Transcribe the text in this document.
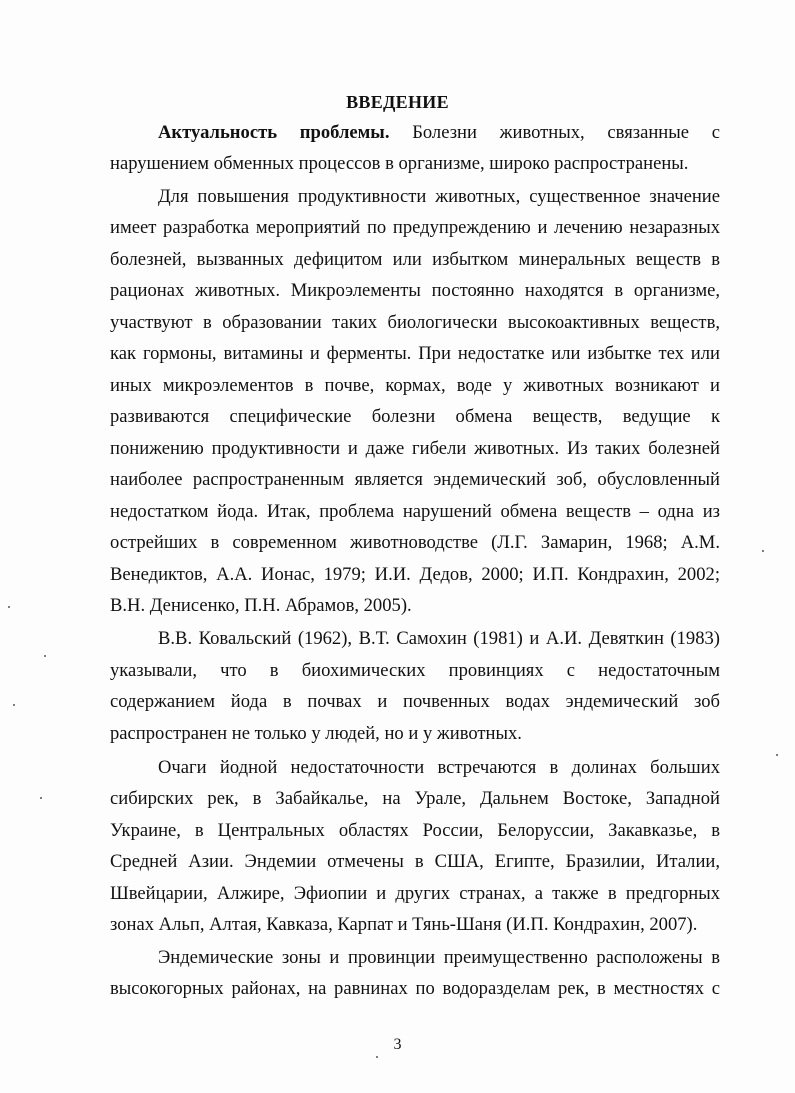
ВВЕДЕНИЕ
Актуальность проблемы. Болезни животных, связанные с
нарушением обменных процессов в организме, широко распространены.
Для повышения продуктивности животных, существенное значение
имеет разработка мероприятий по предупреждению и лечению незаразных
болезней, вызванных дефицитом или избытком минеральных веществ в
рационах животных. Микроэлементы постоянно находятся в организме,
участвуют в образовании таких биологически высокоактивных веществ,
как гормоны, витамины и ферменты. При недостатке или избытке тех или
иных микроэлементов в почве, кормах, воде у животных возникают и
развиваются специфические болезни обмена веществ, ведущие к
понижению продуктивности и даже гибели животных. Из таких болезней
наиболее распространенным является эндемический зоб, обусловленный
недостатком йода. Итак, проблема нарушений обмена веществ – одна из
острейших в современном животноводстве (Л.Г. Замарин, 1968; А.М.
Венедиктов, А.А. Ионас, 1979; И.И. Дедов, 2000; И.П. Кондрахин, 2002;
В.Н. Денисенко, П.Н. Абрамов, 2005).
В.В. Ковальский (1962), В.Т. Самохин (1981) и А.И. Девяткин (1983)
указывали, что в биохимических провинциях с недостаточным
содержанием йода в почвах и почвенных водах эндемический зоб
распространен не только у людей, но и у животных.
Очаги йодной недостаточности встречаются в долинах больших
сибирских рек, в Забайкалье, на Урале, Дальнем Востоке, Западной
Украине, в Центральных областях России, Белоруссии, Закавказье, в
Средней Азии. Эндемии отмечены в США, Египте, Бразилии, Италии,
Швейцарии, Алжире, Эфиопии и других странах, а также в предгорных
зонах Альп, Алтая, Кавказа, Карпат и Тянь-Шаня (И.П. Кондрахин, 2007).
Эндемические зоны и провинции преимущественно расположены в
высокогорных районах, на равнинах по водоразделам рек, в местностях с
3
